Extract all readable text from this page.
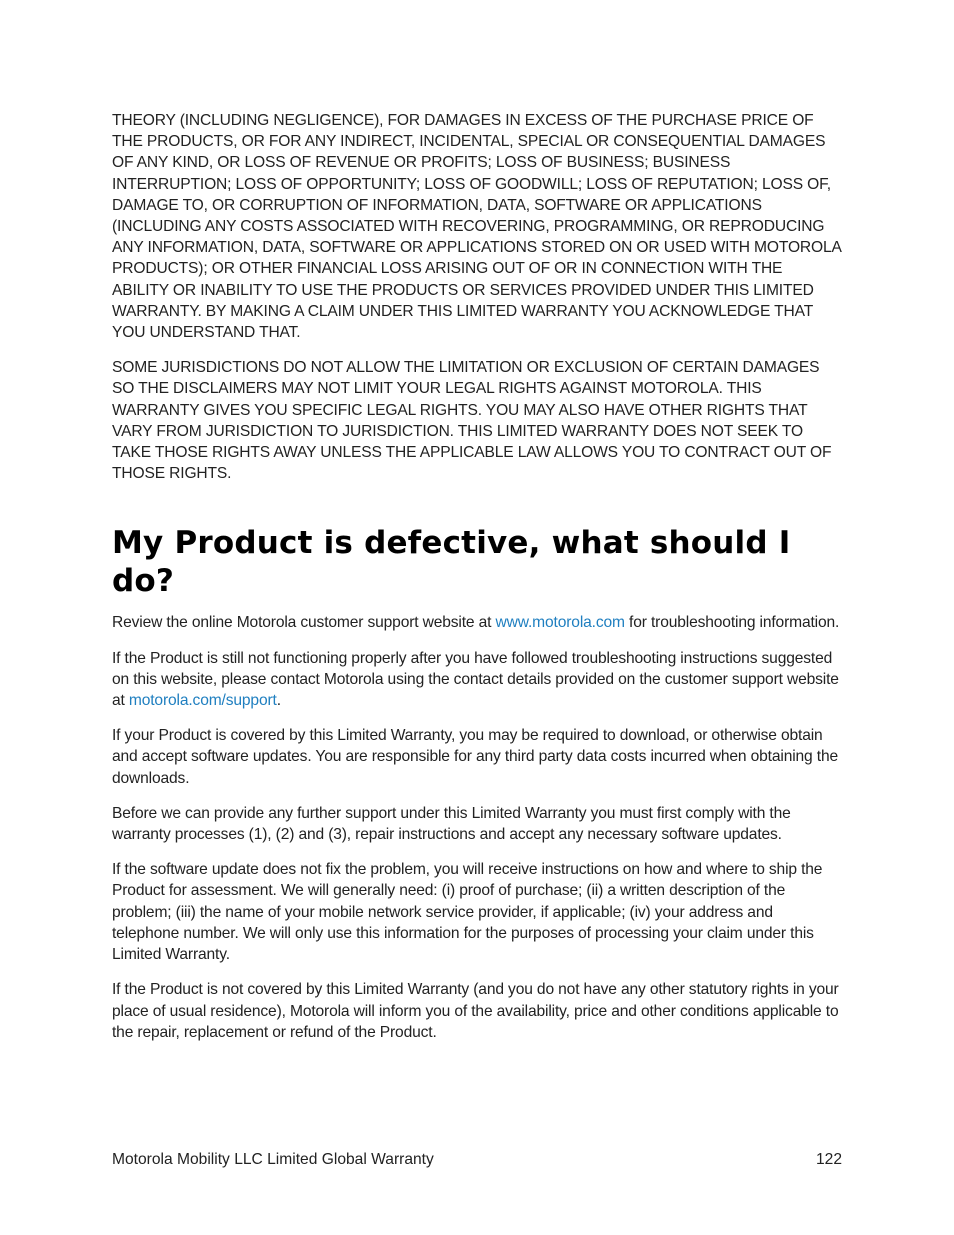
THEORY (INCLUDING NEGLIGENCE), FOR DAMAGES IN EXCESS OF THE PURCHASE PRICE OF THE PRODUCTS, OR FOR ANY INDIRECT, INCIDENTAL, SPECIAL OR CONSEQUENTIAL DAMAGES OF ANY KIND, OR LOSS OF REVENUE OR PROFITS; LOSS OF BUSINESS; BUSINESS INTERRUPTION; LOSS OF OPPORTUNITY; LOSS OF GOODWILL; LOSS OF REPUTATION; LOSS OF, DAMAGE TO, OR CORRUPTION OF INFORMATION, DATA, SOFTWARE OR APPLICATIONS (INCLUDING ANY COSTS ASSOCIATED WITH RECOVERING, PROGRAMMING, OR REPRODUCING ANY INFORMATION, DATA, SOFTWARE OR APPLICATIONS STORED ON OR USED WITH MOTOROLA PRODUCTS); OR OTHER FINANCIAL LOSS ARISING OUT OF OR IN CONNECTION WITH THE ABILITY OR INABILITY TO USE THE PRODUCTS OR SERVICES PROVIDED UNDER THIS LIMITED WARRANTY. BY MAKING A CLAIM UNDER THIS LIMITED WARRANTY YOU ACKNOWLEDGE THAT YOU UNDERSTAND THAT.

SOME JURISDICTIONS DO NOT ALLOW THE LIMITATION OR EXCLUSION OF CERTAIN DAMAGES SO THE DISCLAIMERS MAY NOT LIMIT YOUR LEGAL RIGHTS AGAINST MOTOROLA. THIS WARRANTY GIVES YOU SPECIFIC LEGAL RIGHTS. YOU MAY ALSO HAVE OTHER RIGHTS THAT VARY FROM JURISDICTION TO JURISDICTION. THIS LIMITED WARRANTY DOES NOT SEEK TO TAKE THOSE RIGHTS AWAY UNLESS THE APPLICABLE LAW ALLOWS YOU TO CONTRACT OUT OF THOSE RIGHTS.

My Product is defective, what should I do?

Review the online Motorola customer support website at www.motorola.com for troubleshooting information.

If the Product is still not functioning properly after you have followed troubleshooting instructions suggested on this website, please contact Motorola using the contact details provided on the customer support website at motorola.com/support.

If your Product is covered by this Limited Warranty, you may be required to download, or otherwise obtain and accept software updates. You are responsible for any third party data costs incurred when obtaining the downloads.

Before we can provide any further support under this Limited Warranty you must first comply with the warranty processes (1), (2) and (3), repair instructions and accept any necessary software updates.

If the software update does not fix the problem, you will receive instructions on how and where to ship the Product for assessment. We will generally need: (i) proof of purchase; (ii) a written description of the problem; (iii) the name of your mobile network service provider, if applicable; (iv) your address and telephone number. We will only use this information for the purposes of processing your claim under this Limited Warranty.

If the Product is not covered by this Limited Warranty (and you do not have any other statutory rights in your place of usual residence), Motorola will inform you of the availability, price and other conditions applicable to the repair, replacement or refund of the Product.

Motorola Mobility LLC Limited Global Warranty	122
